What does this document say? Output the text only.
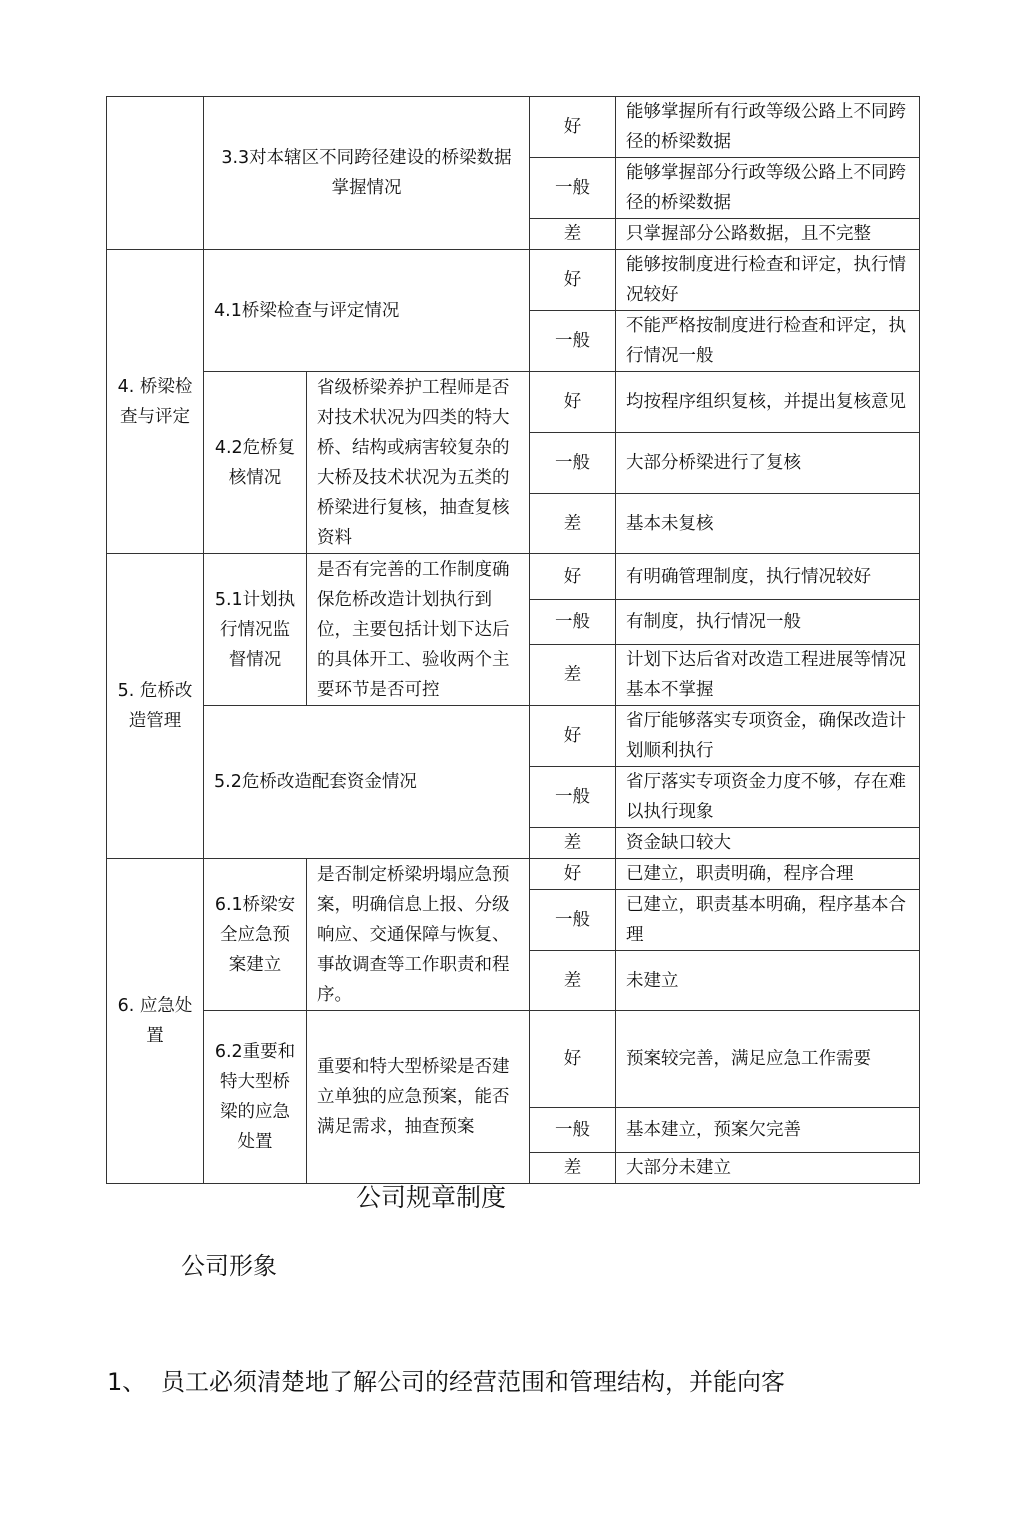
	3.3对本辖区不同跨径建设的桥梁数据掌握情况		好	能够掌握所有行政等级公路上不同跨径的桥梁数据
			一般	能够掌握部分行政等级公路上不同跨径的桥梁数据
			差	只掌握部分公路数据，且不完整
4. 桥梁检查与评定	4.1桥梁检查与评定情况		好	能够按制度进行检查和评定，执行情况较好
			一般	不能严格按制度进行检查和评定，执行情况一般
	4.2危桥复核情况	省级桥梁养护工程师是否对技术状况为四类的特大桥、结构或病害较复杂的大桥及技术状况为五类的桥梁进行复核，抽查复核资料	好	均按程序组织复核，并提出复核意见
			一般	大部分桥梁进行了复核
			差	基本未复核
5. 危桥改造管理	5.1计划执行情况监督情况	是否有完善的工作制度确保危桥改造计划执行到位，主要包括计划下达后的具体开工、验收两个主要环节是否可控	好	有明确管理制度，执行情况较好
			一般	有制度，执行情况一般
			差	计划下达后省对改造工程进展等情况基本不掌握
	5.2危桥改造配套资金情况		好	省厅能够落实专项资金，确保改造计划顺利执行
			一般	省厅落实专项资金力度不够，存在难以执行现象
			差	资金缺口较大
6. 应急处置	6.1桥梁安全应急预案建立	是否制定桥梁坍塌应急预案，明确信息上报、分级响应、交通保障与恢复、事故调查等工作职责和程序。	好	已建立，职责明确，程序合理
			一般	已建立，职责基本明确，程序基本合理
			差	未建立
	6.2重要和特大型桥梁的应急处置	重要和特大型桥梁是否建立单独的应急预案，能否满足需求，抽查预案	好	预案较完善，满足应急工作需要
			一般	基本建立，预案欠完善
			差	大部分未建立
公司规章制度
公司形象
1、 员工必须清楚地了解公司的经营范围和管理结构，并能向客
